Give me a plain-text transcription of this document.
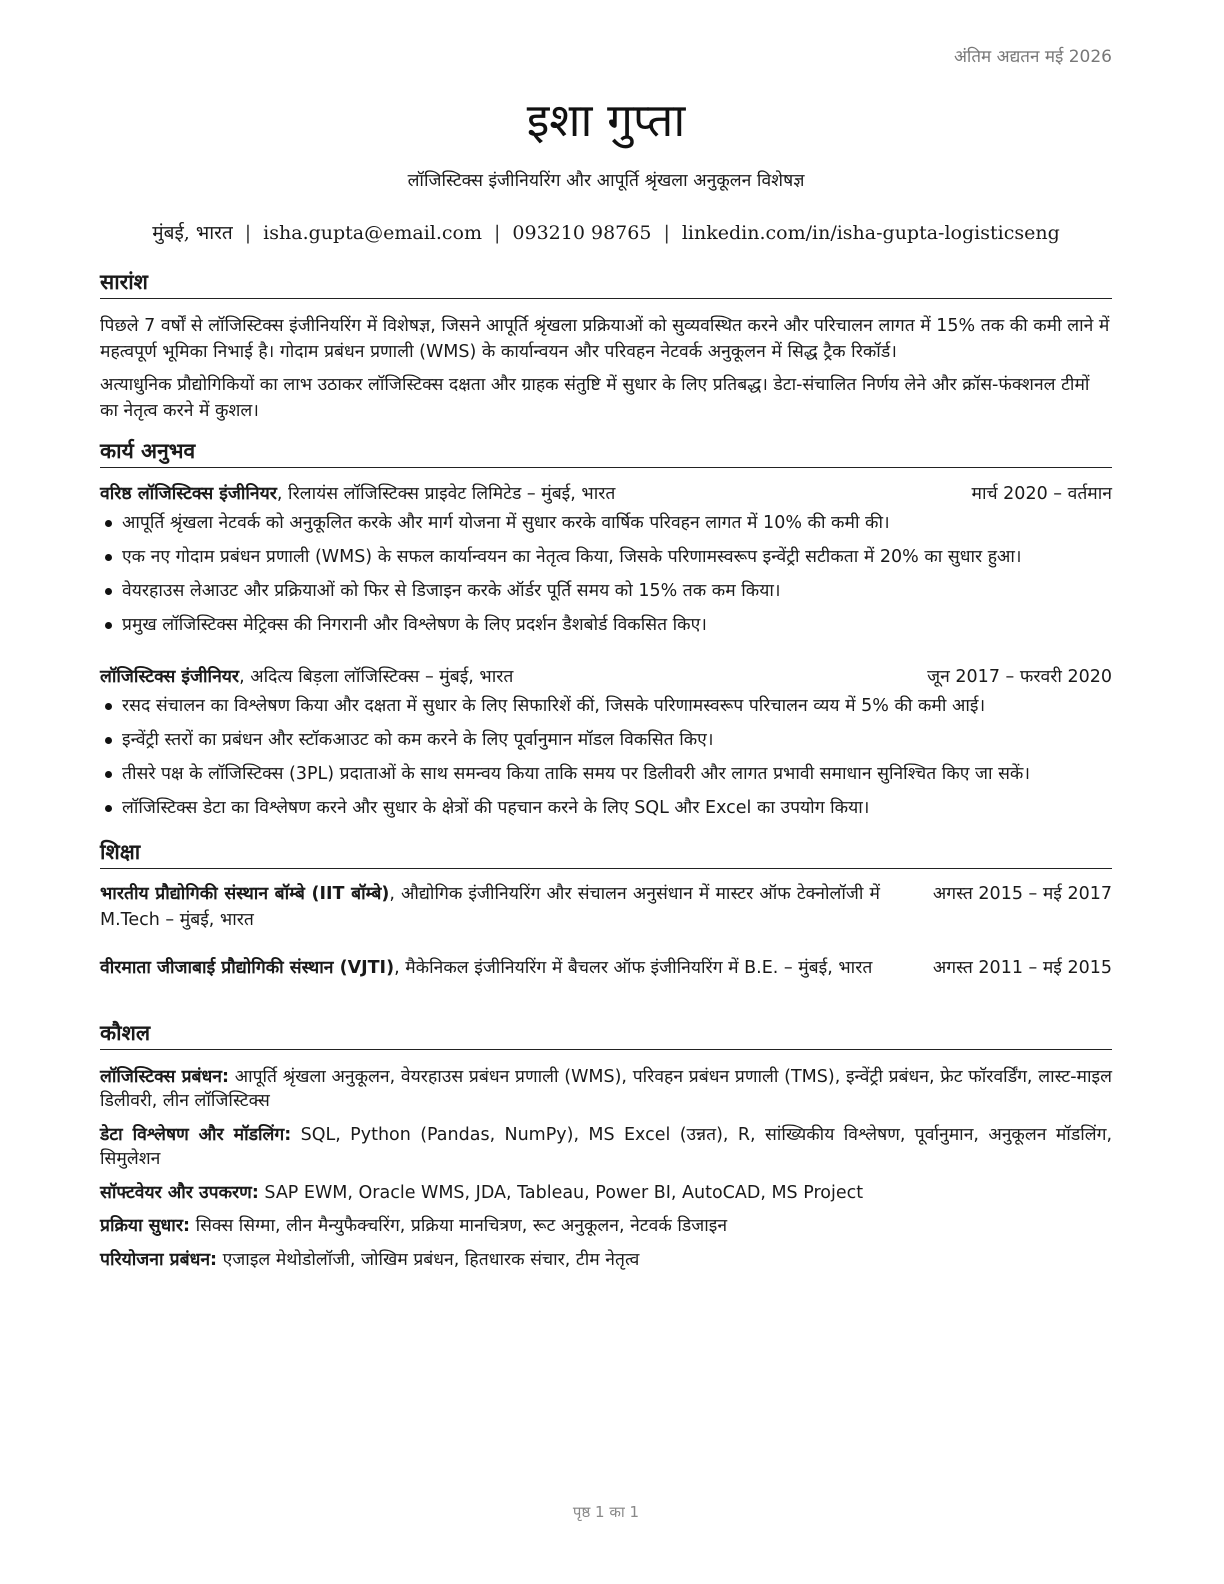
अंतिम अद्यतन मई 2026
इशा गुप्ता
लॉजिस्टिक्स इंजीनियरिंग और आपूर्ति श्रृंखला अनुकूलन विशेषज्ञ
मुंबई, भारत | isha.gupta@email.com | 093210 98765 | linkedin.com/in/isha-gupta-logisticseng
सारांश
पिछले 7 वर्षों से लॉजिस्टिक्स इंजीनियरिंग में विशेषज्ञ, जिसने आपूर्ति श्रृंखला प्रक्रियाओं को सुव्यवस्थित करने और परिचालन लागत में 15% तक की कमी लाने में महत्वपूर्ण भूमिका निभाई है। गोदाम प्रबंधन प्रणाली (WMS) के कार्यान्वयन और परिवहन नेटवर्क अनुकूलन में सिद्ध ट्रैक रिकॉर्ड।
अत्याधुनिक प्रौद्योगिकियों का लाभ उठाकर लॉजिस्टिक्स दक्षता और ग्राहक संतुष्टि में सुधार के लिए प्रतिबद्ध। डेटा-संचालित निर्णय लेने और क्रॉस-फंक्शनल टीमों का नेतृत्व करने में कुशल।
कार्य अनुभव
वरिष्ठ लॉजिस्टिक्स इंजीनियर, रिलायंस लॉजिस्टिक्स प्राइवेट लिमिटेड – मुंबई, भारत	मार्च 2020 – वर्तमान
आपूर्ति श्रृंखला नेटवर्क को अनुकूलित करके और मार्ग योजना में सुधार करके वार्षिक परिवहन लागत में 10% की कमी की।
एक नए गोदाम प्रबंधन प्रणाली (WMS) के सफल कार्यान्वयन का नेतृत्व किया, जिसके परिणामस्वरूप इन्वेंट्री सटीकता में 20% का सुधार हुआ।
वेयरहाउस लेआउट और प्रक्रियाओं को फिर से डिजाइन करके ऑर्डर पूर्ति समय को 15% तक कम किया।
प्रमुख लॉजिस्टिक्स मेट्रिक्स की निगरानी और विश्लेषण के लिए प्रदर्शन डैशबोर्ड विकसित किए।
लॉजिस्टिक्स इंजीनियर, अदित्य बिड़ला लॉजिस्टिक्स – मुंबई, भारत	जून 2017 – फरवरी 2020
रसद संचालन का विश्लेषण किया और दक्षता में सुधार के लिए सिफारिशें कीं, जिसके परिणामस्वरूप परिचालन व्यय में 5% की कमी आई।
इन्वेंट्री स्तरों का प्रबंधन और स्टॉकआउट को कम करने के लिए पूर्वानुमान मॉडल विकसित किए।
तीसरे पक्ष के लॉजिस्टिक्स (3PL) प्रदाताओं के साथ समन्वय किया ताकि समय पर डिलीवरी और लागत प्रभावी समाधान सुनिश्चित किए जा सकें।
लॉजिस्टिक्स डेटा का विश्लेषण करने और सुधार के क्षेत्रों की पहचान करने के लिए SQL और Excel का उपयोग किया।
शिक्षा
भारतीय प्रौद्योगिकी संस्थान बॉम्बे (IIT बॉम्बे), औद्योगिक इंजीनियरिंग और संचालन अनुसंधान में मास्टर ऑफ टेक्नोलॉजी में M.Tech – मुंबई, भारत
अगस्त 2015 – मई 2017
वीरमाता जीजाबाई प्रौद्योगिकी संस्थान (VJTI), मैकेनिकल इंजीनियरिंग में बैचलर ऑफ इंजीनियरिंग में B.E. – मुंबई, भारत	अगस्त 2011 – मई 2015
कौशल
लॉजिस्टिक्स प्रबंधन: आपूर्ति श्रृंखला अनुकूलन, वेयरहाउस प्रबंधन प्रणाली (WMS), परिवहन प्रबंधन प्रणाली (TMS), इन्वेंट्री प्रबंधन, फ्रेट फॉरवर्डिंग, लास्ट-माइल डिलीवरी, लीन लॉजिस्टिक्स
डेटा विश्लेषण और मॉडलिंग: SQL, Python (Pandas, NumPy), MS Excel (उन्नत), R, सांख्यिकीय विश्लेषण, पूर्वानुमान, अनुकूलन मॉडलिंग, सिमुलेशन
सॉफ्टवेयर और उपकरण: SAP EWM, Oracle WMS, JDA, Tableau, Power BI, AutoCAD, MS Project
प्रक्रिया सुधार: सिक्स सिग्मा, लीन मैन्युफैक्चरिंग, प्रक्रिया मानचित्रण, रूट अनुकूलन, नेटवर्क डिजाइन
परियोजना प्रबंधन: एजाइल मेथोडोलॉजी, जोखिम प्रबंधन, हितधारक संचार, टीम नेतृत्व
पृष्ठ 1 का 1
